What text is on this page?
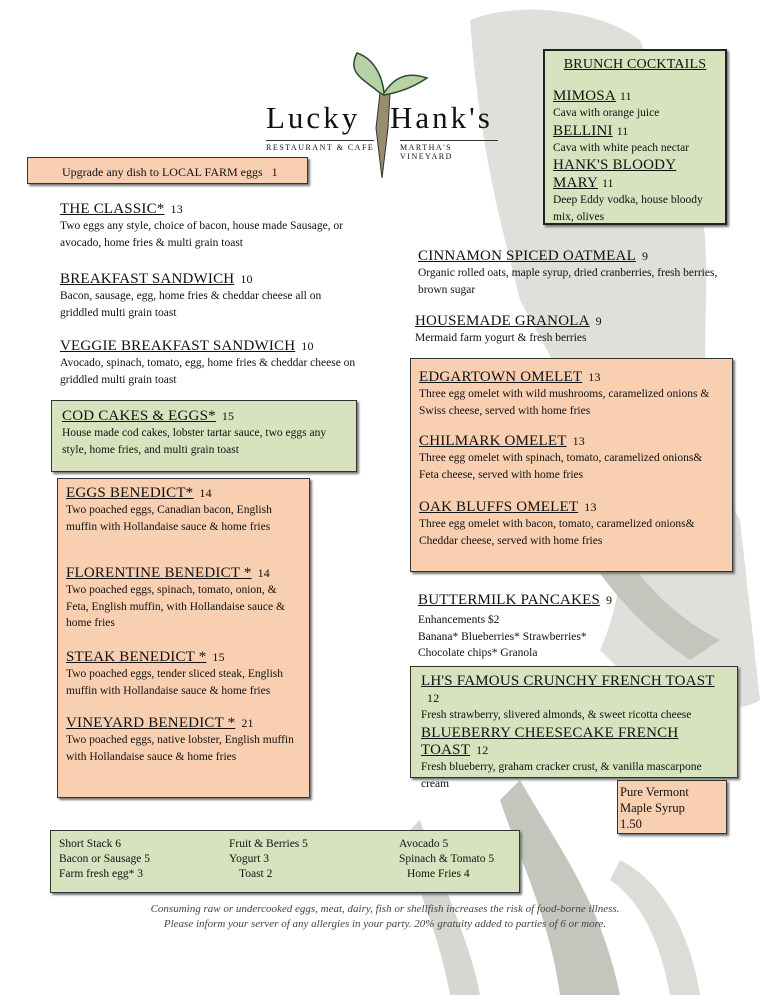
Lucky Hank's
RESTAURANT & CAFE	MARTHA'S VINEYARD
Upgrade any dish to LOCAL FARM eggs 1
BRUNCH COCKTAILS
MIMOSA 11
Cava with orange juice
BELLINI 11
Cava with white peach nectar
HANK'S BLOODY MARY 11
Deep Eddy vodka, house bloody mix, olives
THE CLASSIC* 13
Two eggs any style, choice of bacon, house made Sausage, or avocado, home fries & multi grain toast
BREAKFAST SANDWICH 10
Bacon, sausage, egg, home fries & cheddar cheese all on griddled multi grain toast
VEGGIE BREAKFAST SANDWICH 10
Avocado, spinach, tomato, egg, home fries & cheddar cheese on griddled multi grain toast
COD CAKES & EGGS* 15
House made cod cakes, lobster tartar sauce, two eggs any style, home fries, and multi grain toast
EGGS BENEDICT* 14
Two poached eggs, Canadian bacon, English muffin with Hollandaise sauce & home fries
FLORENTINE BENEDICT * 14
Two poached eggs, spinach, tomato, onion, & Feta, English muffin, with Hollandaise sauce & home fries
STEAK BENEDICT * 15
Two poached eggs, tender sliced steak, English muffin with Hollandaise sauce & home fries
VINEYARD BENEDICT * 21
Two poached eggs, native lobster, English muffin with Hollandaise sauce & home fries
CINNAMON SPICED OATMEAL 9
Organic rolled oats, maple syrup, dried cranberries, fresh berries, brown sugar
HOUSEMADE GRANOLA 9
Mermaid farm yogurt & fresh berries
EDGARTOWN OMELET 13
Three egg omelet with wild mushrooms, caramelized onions & Swiss cheese, served with home fries
CHILMARK OMELET 13
Three egg omelet with spinach, tomato, caramelized onions& Feta cheese, served with home fries
OAK BLUFFS OMELET 13
Three egg omelet with bacon, tomato, caramelized onions& Cheddar cheese, served with home fries
BUTTERMILK PANCAKES 9
Enhancements $2
Banana* Blueberries* Strawberries*
Chocolate chips* Granola
LH'S FAMOUS CRUNCHY FRENCH TOAST12
Fresh strawberry, slivered almonds, & sweet ricotta cheese
BLUEBERRY CHEESECAKE FRENCH TOAST 12
Fresh blueberry, graham cracker crust, & vanilla mascarpone cream
Pure Vermont
Maple Syrup
1.50
Short Stack 6	Fruit & Berries 5	Avocado 5
Bacon or Sausage 5	Yogurt 3	Spinach & Tomato 5
Farm fresh egg* 3	Toast 2	Home Fries 4
Consuming raw or undercooked eggs, meat, dairy, fish or shellfish increases the risk of food-borne illness.
Please inform your server of any allergies in your party. 20% gratuity added to parties of 6 or more.
